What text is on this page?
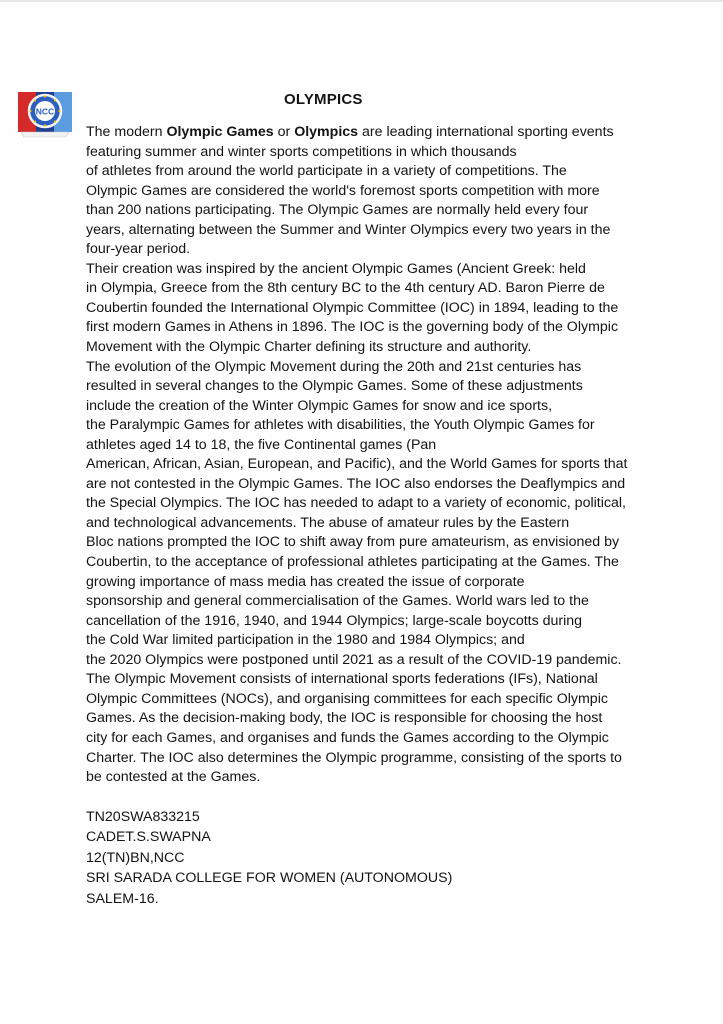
NCC
OLYMPICS
The modern Olympic Games or Olympics are leading international sporting events
featuring summer and winter sports competitions in which thousands
of athletes from around the world participate in a variety of competitions. The
Olympic Games are considered the world's foremost sports competition with more
than 200 nations participating. The Olympic Games are normally held every four
years, alternating between the Summer and Winter Olympics every two years in the
four-year period.
Their creation was inspired by the ancient Olympic Games (Ancient Greek: held
in Olympia, Greece from the 8th century BC to the 4th century AD. Baron Pierre de
Coubertin founded the International Olympic Committee (IOC) in 1894, leading to the
first modern Games in Athens in 1896. The IOC is the governing body of the Olympic
Movement with the Olympic Charter defining its structure and authority.
The evolution of the Olympic Movement during the 20th and 21st centuries has
resulted in several changes to the Olympic Games. Some of these adjustments
include the creation of the Winter Olympic Games for snow and ice sports,
the Paralympic Games for athletes with disabilities, the Youth Olympic Games for
athletes aged 14 to 18, the five Continental games (Pan
American, African, Asian, European, and Pacific), and the World Games for sports that
are not contested in the Olympic Games. The IOC also endorses the Deaflympics and
the Special Olympics. The IOC has needed to adapt to a variety of economic, political,
and technological advancements. The abuse of amateur rules by the Eastern
Bloc nations prompted the IOC to shift away from pure amateurism, as envisioned by
Coubertin, to the acceptance of professional athletes participating at the Games. The
growing importance of mass media has created the issue of corporate
sponsorship and general commercialisation of the Games. World wars led to the
cancellation of the 1916, 1940, and 1944 Olympics; large-scale boycotts during
the Cold War limited participation in the 1980 and 1984 Olympics; and
the 2020 Olympics were postponed until 2021 as a result of the COVID-19 pandemic.
The Olympic Movement consists of international sports federations (IFs), National
Olympic Committees (NOCs), and organising committees for each specific Olympic
Games. As the decision-making body, the IOC is responsible for choosing the host
city for each Games, and organises and funds the Games according to the Olympic
Charter. The IOC also determines the Olympic programme, consisting of the sports to
be contested at the Games.
TN20SWA833215
CADET.S.SWAPNA
12(TN)BN,NCC
SRI SARADA COLLEGE FOR WOMEN (AUTONOMOUS)
SALEM-16.
